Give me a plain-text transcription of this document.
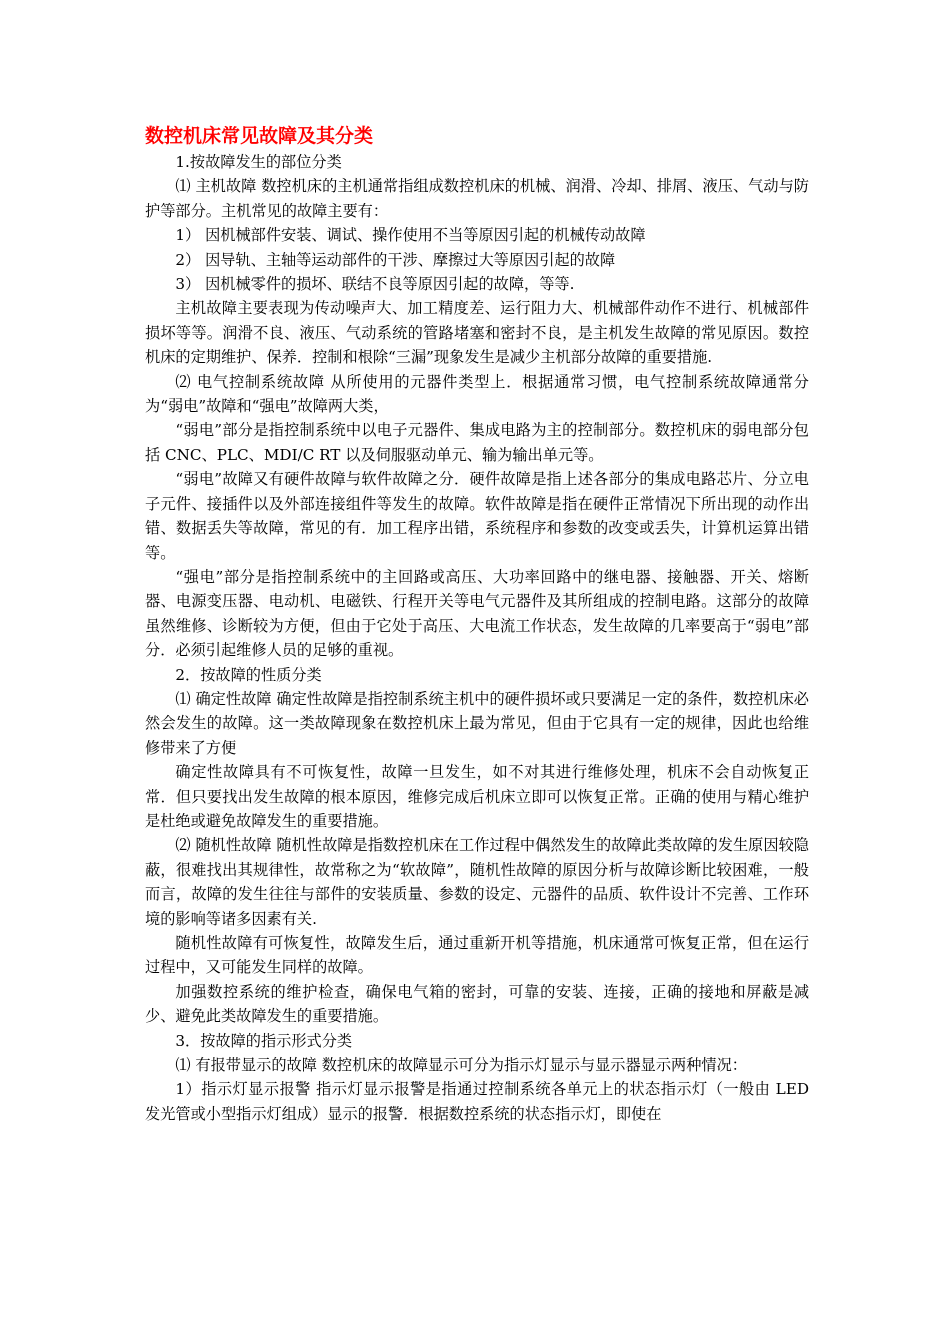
数控机床常见故障及其分类

1.按故障发生的部位分类

⑴ 主机故障 数控机床的主机通常指组成数控机床的机械、润滑、冷却、排屑、液压、气动与防护等部分。主机常见的故障主要有：

1） 因机械部件安装、调试、操作使用不当等原因引起的机械传动故障

2） 因导轨、主轴等运动部件的干涉、摩擦过大等原因引起的故障

3） 因机械零件的损坏、联结不良等原因引起的故障，等等.

主机故障主要表现为传动噪声大、加工精度差、运行阻力大、机械部件动作不进行、机械部件损坏等等。润滑不良、液压、气动系统的管路堵塞和密封不良，是主机发生故障的常见原因。数控机床的定期维护、保养．控制和根除“三漏”现象发生是减少主机部分故障的重要措施.

⑵ 电气控制系统故障 从所使用的元器件类型上．根据通常习惯，电气控制系统故障通常分为“弱电”故障和“强电”故障两大类，

“弱电”部分是指控制系统中以电子元器件、集成电路为主的控制部分。数控机床的弱电部分包括 CNC、PLC、MDI/C RT 以及伺服驱动单元、输为输出单元等。

“弱电”故障又有硬件故障与软件故障之分．硬件故障是指上述各部分的集成电路芯片、分立电子元件、接插件以及外部连接组件等发生的故障。软件故障是指在硬件正常情况下所出现的动作出错、数据丢失等故障，常见的有．加工程序出错，系统程序和参数的改变或丢失，计算机运算出错等。

“强电”部分是指控制系统中的主回路或高压、大功率回路中的继电器、接触器、开关、熔断器、电源变压器、电动机、电磁铁、行程开关等电气元器件及其所组成的控制电路。这部分的故障虽然维修、诊断较为方便，但由于它处于高压、大电流工作状态，发生故障的几率要高于“弱电”部分．必须引起维修人员的足够的重视。

2．按故障的性质分类

⑴ 确定性故障 确定性故障是指控制系统主机中的硬件损坏或只要满足一定的条件，数控机床必然会发生的故障。这一类故障现象在数控机床上最为常见，但由于它具有一定的规律，因此也给维修带来了方便

确定性故障具有不可恢复性，故障一旦发生，如不对其进行维修处理，机床不会自动恢复正常．但只要找出发生故障的根本原因，维修完成后机床立即可以恢复正常。正确的使用与精心维护是杜绝或避免故障发生的重要措施。

⑵ 随机性故障 随机性故障是指数控机床在工作过程中偶然发生的故障此类故障的发生原因较隐蔽，很难找出其规律性，故常称之为“软故障”，随机性故障的原因分析与故障诊断比较困难，一般而言，故障的发生往往与部件的安装质量、参数的设定、元器件的品质、软件设计不完善、工作环境的影响等诸多因素有关.

随机性故障有可恢复性，故障发生后，通过重新开机等措施，机床通常可恢复正常，但在运行过程中，又可能发生同样的故障。

加强数控系统的维护检查，确保电气箱的密封，可靠的安装、连接，正确的接地和屏蔽是减少、避免此类故障发生的重要措施。

3．按故障的指示形式分类

⑴ 有报带显示的故障 数控机床的故障显示可分为指示灯显示与显示器显示两种情况：

1）指示灯显示报警 指示灯显示报警是指通过控制系统各单元上的状态指示灯（一般由 LED 发光管或小型指示灯组成）显示的报警．根据数控系统的状态指示灯，即使在
